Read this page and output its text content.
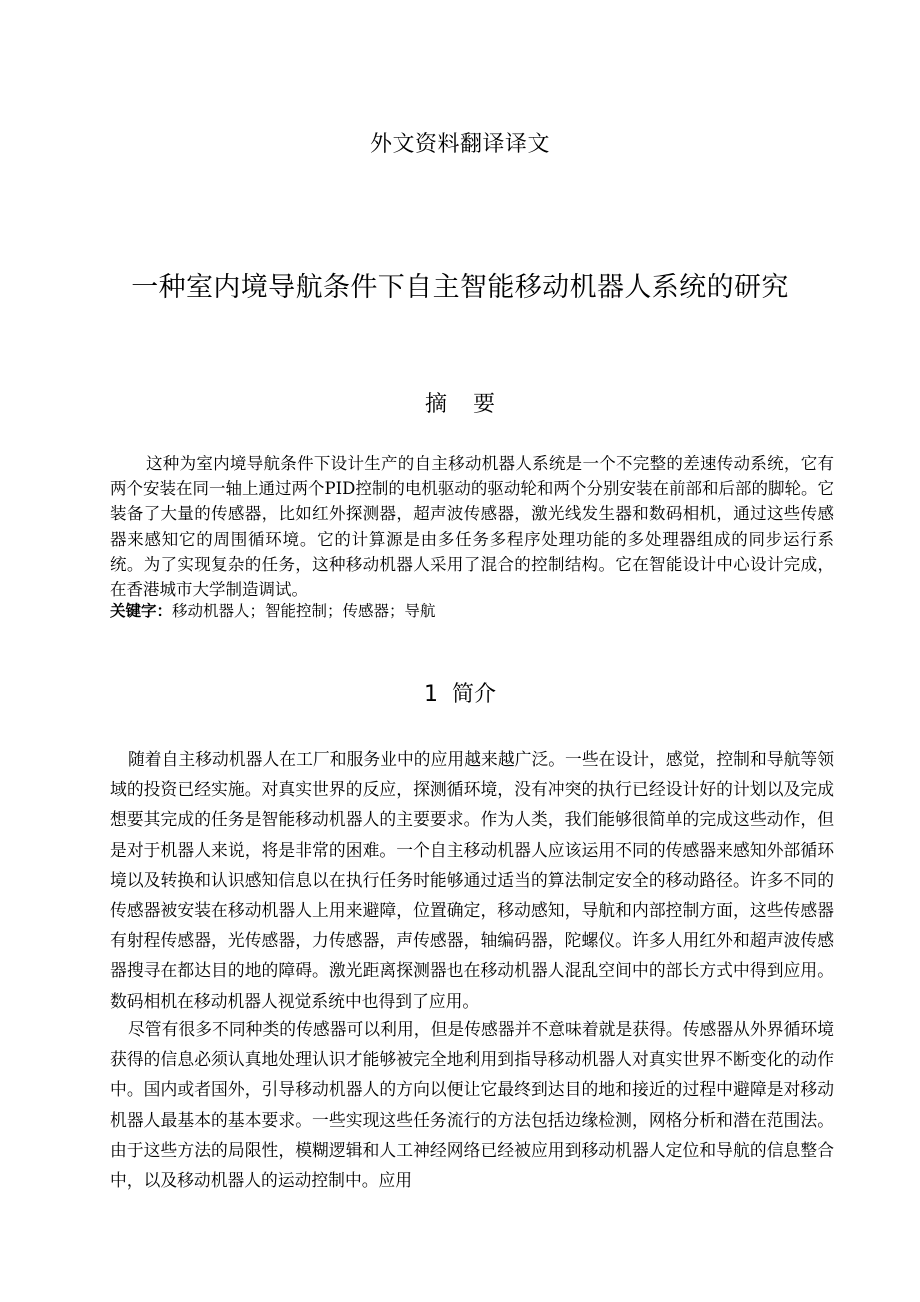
外文资料翻译译文
一种室内境导航条件下自主智能移动机器人系统的研究
摘要

这种为室内境导航条件下设计生产的自主移动机器人系统是一个不完整的差速传动系统，它有两个安装在同一轴上通过两个PID控制的电机驱动的驱动轮和两个分别安装在前部和后部的脚轮。它装备了大量的传感器，比如红外探测器，超声波传感器，激光线发生器和数码相机，通过这些传感器来感知它的周围循环境。它的计算源是由多任务多程序处理功能的多处理器组成的同步运行系统。为了实现复杂的任务，这种移动机器人采用了混合的控制结构。它在智能设计中心设计完成，在香港城市大学制造调试。

关键字：移动机器人；智能控制；传感器；导航

1 简介

随着自主移动机器人在工厂和服务业中的应用越来越广泛。一些在设计，感觉，控制和导航等领域的投资已经实施。对真实世界的反应，探测循环境，没有冲突的执行已经设计好的计划以及完成想要其完成的任务是智能移动机器人的主要要求。作为人类，我们能够很简单的完成这些动作，但是对于机器人来说，将是非常的困难。一个自主移动机器人应该运用不同的传感器来感知外部循环境以及转换和认识感知信息以在执行任务时能够通过适当的算法制定安全的移动路径。许多不同的传感器被安装在移动机器人上用来避障，位置确定，移动感知，导航和内部控制方面，这些传感器有射程传感器，光传感器，力传感器，声传感器，轴编码器，陀螺仪。许多人用红外和超声波传感器搜寻在都达目的地的障碍。激光距离探测器也在移动机器人混乱空间中的部长方式中得到应用。数码相机在移动机器人视觉系统中也得到了应用。

尽管有很多不同种类的传感器可以利用，但是传感器并不意味着就是获得。传感器从外界循环境获得的信息必须认真地处理认识才能够被完全地利用到指导移动机器人对真实世界不断变化的动作中。国内或者国外，引导移动机器人的方向以便让它最终到达目的地和接近的过程中避障是对移动机器人最基本的基本要求。一些实现这些任务流行的方法包括边缘检测，网格分析和潜在范围法。由于这些方法的局限性，模糊逻辑和人工神经网络已经被应用到移动机器人定位和导航的信息整合中，以及移动机器人的运动控制中。应用
